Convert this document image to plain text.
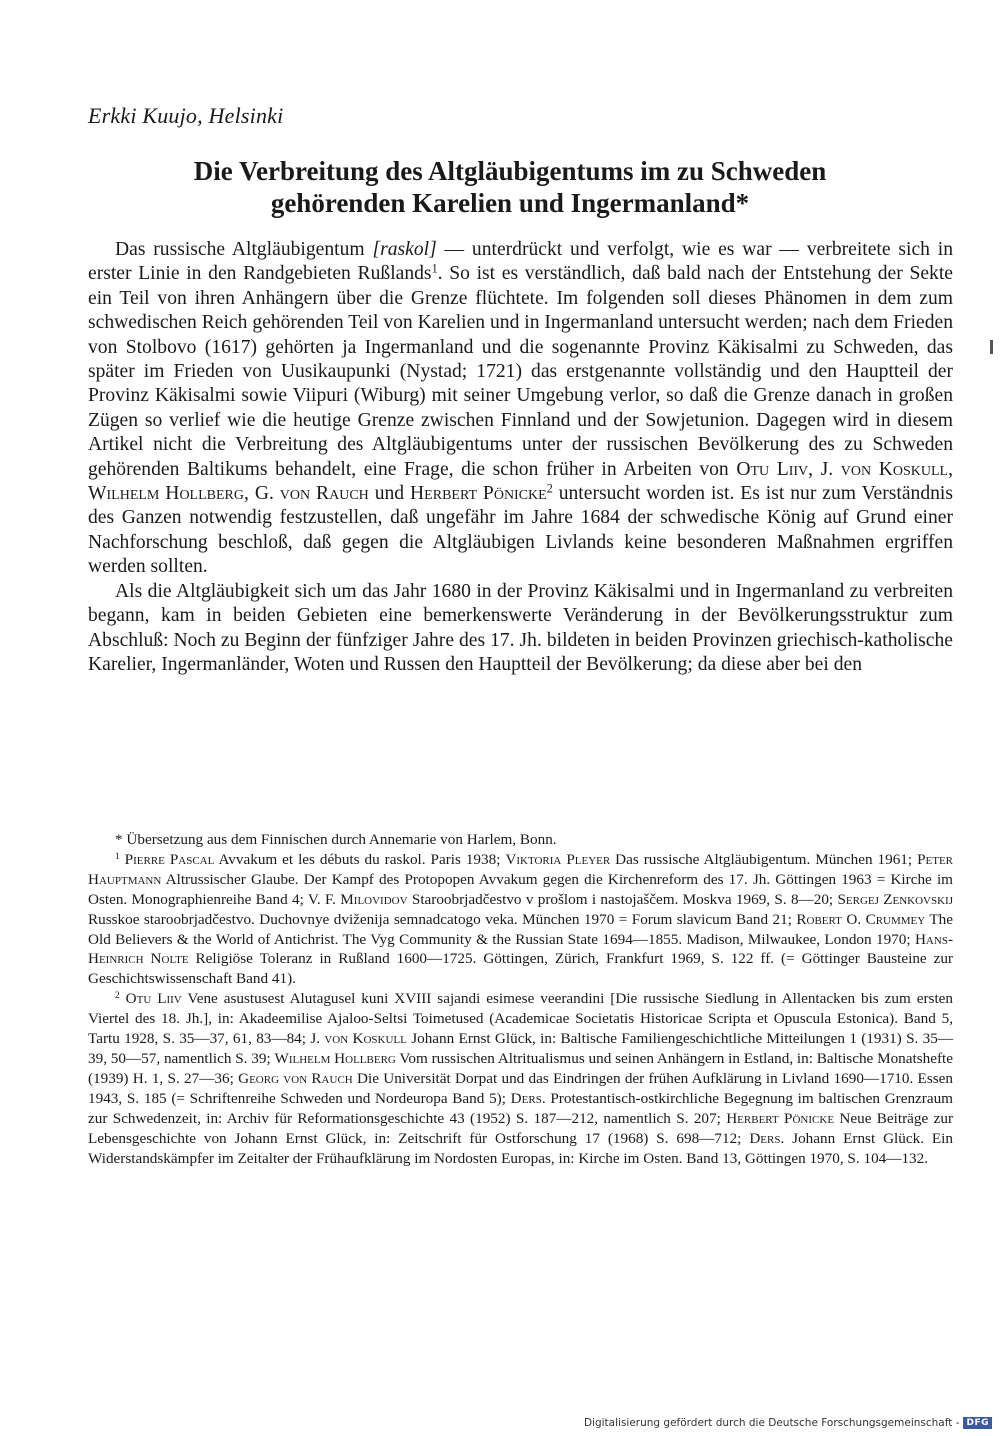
Erkki Kuujo, Helsinki
Die Verbreitung des Altgläubigentums im zu Schweden
gehörenden Karelien und Ingermanland*

Das russische Altgläubigentum [raskol] — unterdrückt und verfolgt, wie es war — verbreitete sich in erster Linie in den Randgebieten Rußlands$^1$. So ist es verständlich, daß bald nach der Entstehung der Sekte ein Teil von ihren Anhängern über die Grenze flüchtete. Im folgenden soll dieses Phänomen in dem zum schwedischen Reich gehörenden Teil von Karelien und in Ingermanland untersucht werden; nach dem Frieden von Stolbovo (1617) gehörten ja Ingermanland und die sogenannte Provinz Käkisalmi zu Schweden, das später im Frieden von Uusikaupunki (Nystad; 1721) das erstgenannte vollständig und den Hauptteil der Provinz Käkisalmi sowie Viipuri (Wiburg) mit seiner Umgebung verlor, so daß die Grenze danach in großen Zügen so verlief wie die heutige Grenze zwischen Finnland und der Sowjetunion. Dagegen wird in diesem Artikel nicht die Verbreitung des Altgläubigentums unter der russischen Bevölkerung des zu Schweden gehörenden Baltikums behandelt, eine Frage, die schon früher in Arbeiten von Otu Liiv, J. von Koskull, Wilhelm Hollberg, G. von Rauch und Herbert Pönicke$^2$ untersucht worden ist. Es ist nur zum Verständnis des Ganzen notwendig festzustellen, daß ungefähr im Jahre 1684 der schwedische König auf Grund einer Nachforschung beschloß, daß gegen die Altgläubigen Livlands keine besonderen Maßnahmen ergriffen werden sollten.

Als die Altgläubigkeit sich um das Jahr 1680 in der Provinz Käkisalmi und in Ingermanland zu verbreiten begann, kam in beiden Gebieten eine bemerkenswerte Veränderung in der Bevölkerungsstruktur zum Abschluß: Noch zu Beginn der fünfziger Jahre des 17. Jh. bildeten in beiden Provinzen griechisch-katholische Karelier, Ingermanländer, Woten und Russen den Hauptteil der Bevölkerung; da diese aber bei den

* Übersetzung aus dem Finnischen durch Annemarie von Harlem, Bonn.

$^1$ Pierre Pascal Avvakum et les débuts du raskol. Paris 1938; Viktoria Pleyer Das russische Altgläubigentum. München 1961; Peter Hauptmann Altrussischer Glaube. Der Kampf des Protopopen Avvakum gegen die Kirchenreform des 17. Jh. Göttingen 1963 = Kirche im Osten. Monographienreihe Band 4; V. F. Milovidov Staroobrjadčestvo v prošlom i nastojaščem. Moskva 1969, S. 8—20; Sergej Zenkovskij Russkoe staroobrjadčestvo. Duchovnye dviženija semnadcatogo veka. München 1970 = Forum slavicum Band 21; Robert O. Crummey The Old Believers & the World of Antichrist. The Vyg Community & the Russian State 1694—1855. Madison, Milwaukee, London 1970; Hans-Heinrich Nolte Religiöse Toleranz in Rußland 1600—1725. Göttingen, Zürich, Frankfurt 1969, S. 122 ff. (= Göttinger Bausteine zur Geschichtswissenschaft Band 41).

$^2$ Otu Liiv Vene asustusest Alutagusel kuni XVIII sajandi esimese veerandini [Die russische Siedlung in Allentacken bis zum ersten Viertel des 18. Jh.], in: Akadeemilise Ajaloo-Seltsi Toimetused (Academicae Societatis Historicae Scripta et Opuscula Estonica). Band 5, Tartu 1928, S. 35—37, 61, 83—84; J. von Koskull Johann Ernst Glück, in: Baltische Familiengeschichtliche Mitteilungen 1 (1931) S. 35—39, 50—57, namentlich S. 39; Wilhelm Hollberg Vom russischen Altritualismus und seinen Anhängern in Estland, in: Baltische Monatshefte (1939) H. 1, S. 27—36; Georg von Rauch Die Universität Dorpat und das Eindringen der frühen Aufklärung in Livland 1690—1710. Essen 1943, S. 185 (= Schriftenreihe Schweden und Nordeuropa Band 5); Ders. Protestantisch-ostkirchliche Begegnung im baltischen Grenzraum zur Schwedenzeit, in: Archiv für Reformationsgeschichte 43 (1952) S. 187—212, namentlich S. 207; Herbert Pönicke Neue Beiträge zur Lebensgeschichte von Johann Ernst Glück, in: Zeitschrift für Ostforschung 17 (1968) S. 698—712; Ders. Johann Ernst Glück. Ein Widerstandskämpfer im Zeitalter der Frühaufklärung im Nordosten Europas, in: Kirche im Osten. Band 13, Göttingen 1970, S. 104—132.

Digitalisierung gefördert durch die Deutsche Forschungsgemeinschaft - DFG
